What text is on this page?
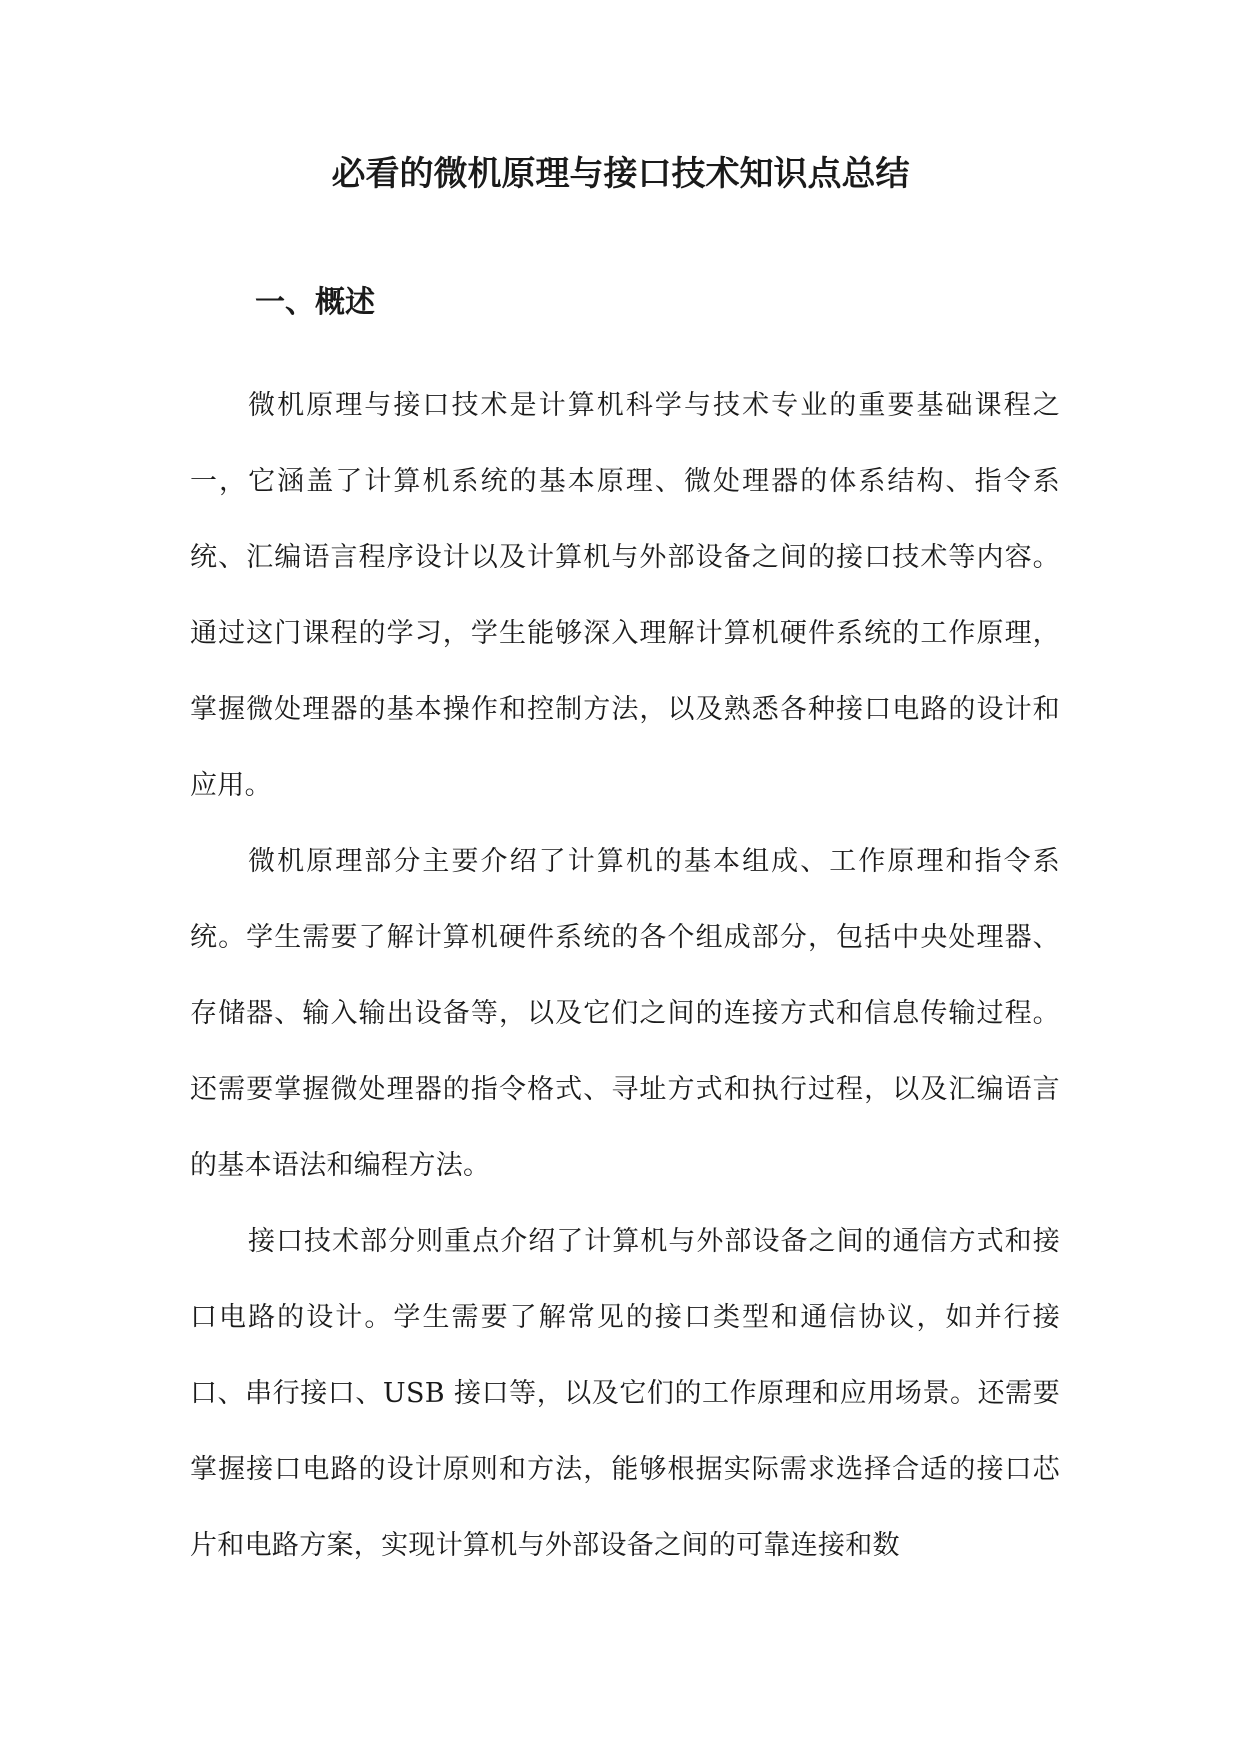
必看的微机原理与接口技术知识点总结
一、概述

微机原理与接口技术是计算机科学与技术专业的重要基础课程之一，它涵盖了计算机系统的基本原理、微处理器的体系结构、指令系统、汇编语言程序设计以及计算机与外部设备之间的接口技术等内容。通过这门课程的学习，学生能够深入理解计算机硬件系统的工作原理，掌握微处理器的基本操作和控制方法，以及熟悉各种接口电路的设计和应用。

微机原理部分主要介绍了计算机的基本组成、工作原理和指令系统。学生需要了解计算机硬件系统的各个组成部分，包括中央处理器、存储器、输入输出设备等，以及它们之间的连接方式和信息传输过程。还需要掌握微处理器的指令格式、寻址方式和执行过程，以及汇编语言的基本语法和编程方法。

接口技术部分则重点介绍了计算机与外部设备之间的通信方式和接口电路的设计。学生需要了解常见的接口类型和通信协议，如并行接口、串行接口、USB 接口等，以及它们的工作原理和应用场景。还需要掌握接口电路的设计原则和方法，能够根据实际需求选择合适的接口芯片和电路方案，实现计算机与外部设备之间的可靠连接和数
